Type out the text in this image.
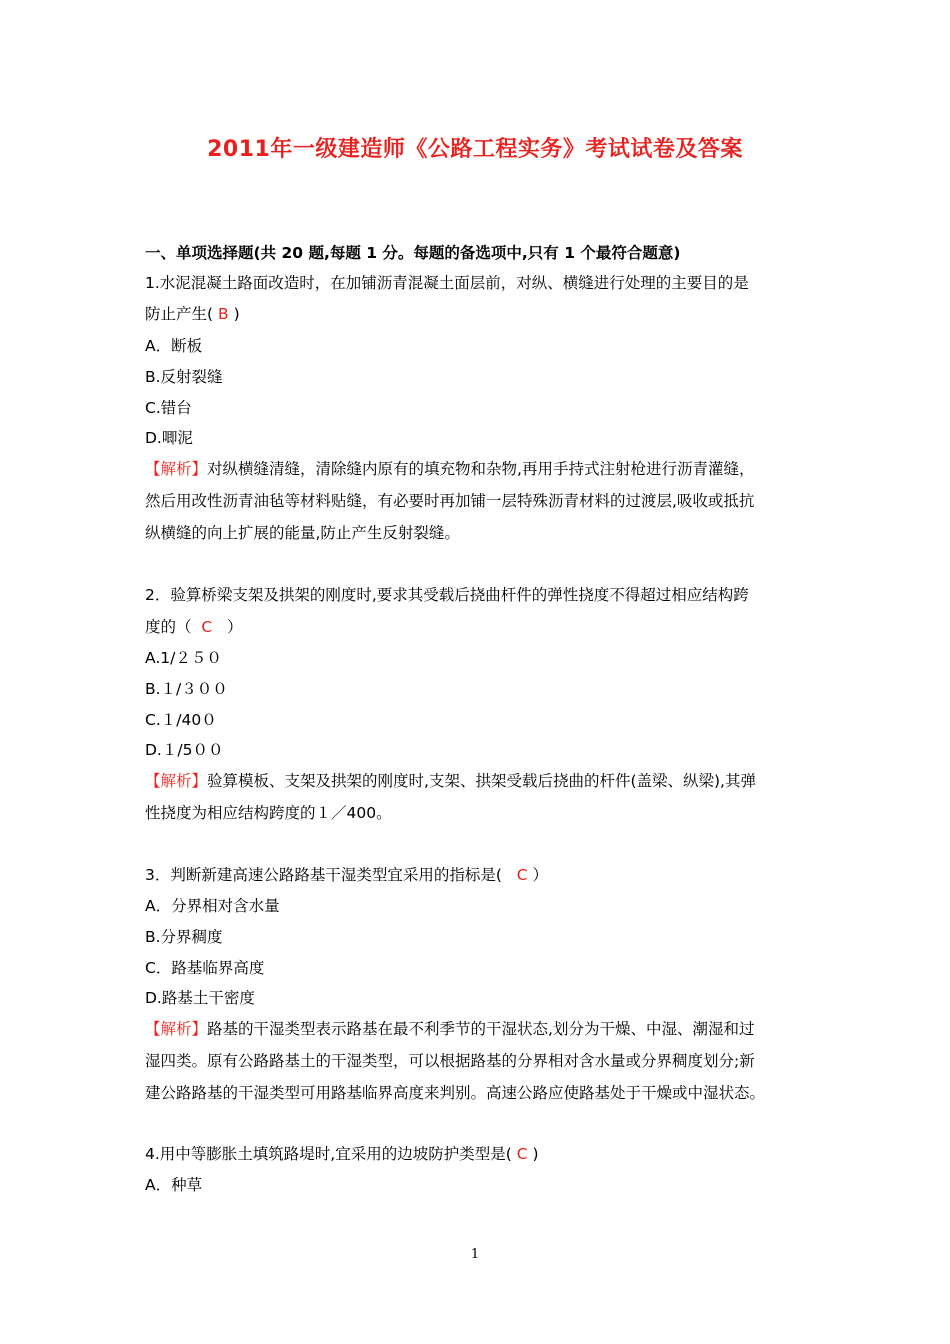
2011年一级建造师《公路工程实务》考试试卷及答案
一、单项选择题(共 20 题,每题 1 分。每题的备选项中,只有 1 个最符合题意)
1.水泥混凝土路面改造时，在加铺沥青混凝土面层前，对纵、横缝进行处理的主要目的是
防止产生( B )
A．断板
B.反射裂缝
C.错台
D.唧泥
【解析】对纵横缝清缝，清除缝内原有的填充物和杂物,再用手持式注射枪进行沥青灌缝，
然后用改性沥青油毡等材料贴缝，有必要时再加铺一层特殊沥青材料的过渡层,吸收或抵抗
纵横缝的向上扩展的能量,防止产生反射裂缝。
2．验算桥梁支架及拱架的刚度时,要求其受载后挠曲杆件的弹性挠度不得超过相应结构跨
度的（ C ）
A.1/２５０
B.１/３００
C.１/40０
D.１/5００
【解析】验算模板、支架及拱架的刚度时,支架、拱架受载后挠曲的杆件(盖梁、纵梁),其弹
性挠度为相应结构跨度的１／400。
3．判断新建高速公路路基干湿类型宜采用的指标是( C ）
A．分界相对含水量
B.分界稠度
C．路基临界高度
D.路基土干密度
【解析】路基的干湿类型表示路基在最不利季节的干湿状态,划分为干燥、中湿、潮湿和过
湿四类。原有公路路基土的干湿类型，可以根据路基的分界相对含水量或分界稠度划分;新
建公路路基的干湿类型可用路基临界高度来判别。高速公路应使路基处于干燥或中湿状态。
4.用中等膨胀土填筑路堤时,宜采用的边坡防护类型是( C )
A．种草
1
